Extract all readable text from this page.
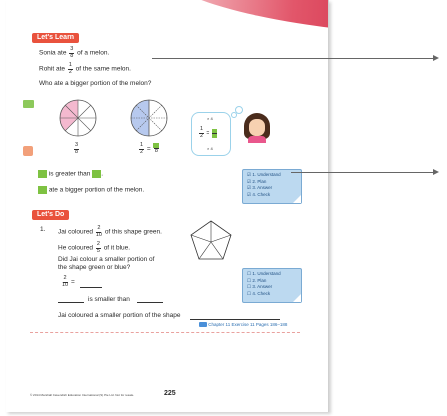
Let's Learn
Sonia ate $\frac{3}{8}$ of a melon.
Rohit ate $\frac{1}{2}$ of the same melon.
Who ate a bigger portion of the melon?
$\frac{3}{8}$	$\frac{1}{2} = 8$
× 4
$\frac{1}{2}$ =
× 4
is greater than .
ate a bigger portion of the melon.
☑ 1. Understand
☑ 2. Plan
☑ 3. Answer
☑ 4. Check
Let's Do
1. Jai coloured $\frac{2}{10}$ of this shape green.
He coloured $\frac{2}{5}$ of it blue.
Did Jai colour a smaller portion of
the shape green or blue?
$\frac{2}{10}$ =
is smaller than
☐ 1. Understand
☐ 2. Plan
☐ 3. Answer
☐ 4. Check
Jai coloured a smaller portion of the shape
Chapter 11 Exercise 11 Pages 186–188
© 2014 Marshall Cavendish Education International (S) Pte Ltd. Not for resale.	225
